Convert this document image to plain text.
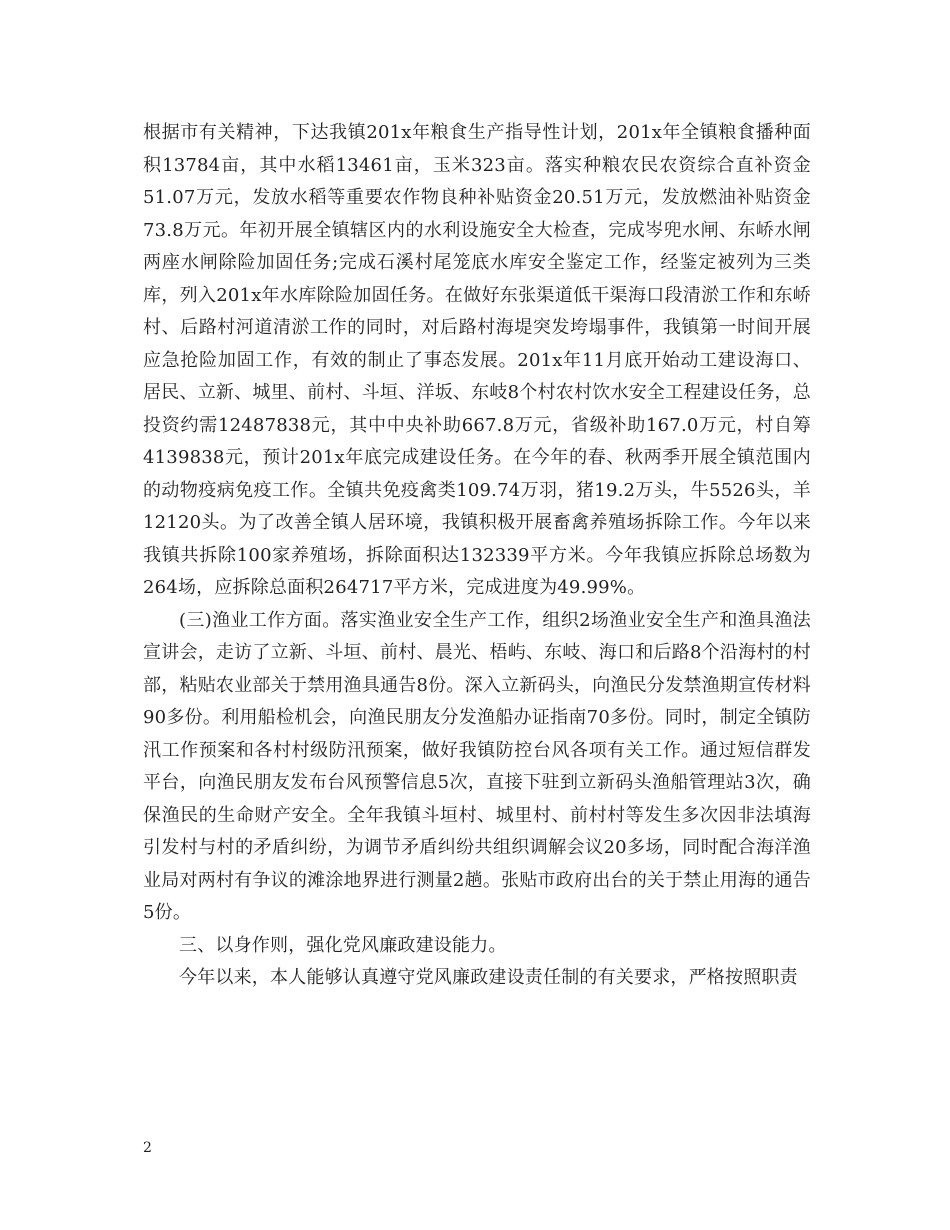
根据市有关精神，下达我镇201x年粮食生产指导性计划，201x年全镇粮食播种面积13784亩，其中水稻13461亩，玉米323亩。落实种粮农民农资综合直补资金51.07万元，发放水稻等重要农作物良种补贴资金20.51万元，发放燃油补贴资金73.8万元。年初开展全镇辖区内的水利设施安全大检查，完成岑兜水闸、东峤水闸两座水闸除险加固任务;完成石溪村尾笼底水库安全鉴定工作，经鉴定被列为三类库，列入201x年水库除险加固任务。在做好东张渠道低干渠海口段清淤工作和东峤村、后路村河道清淤工作的同时，对后路村海堤突发垮塌事件，我镇第一时间开展应急抢险加固工作，有效的制止了事态发展。201x年11月底开始动工建设海口、居民、立新、城里、前村、斗垣、洋坂、东岐8个村农村饮水安全工程建设任务，总投资约需12487838元，其中中央补助667.8万元，省级补助167.0万元，村自筹4139838元，预计201x年底完成建设任务。在今年的春、秋两季开展全镇范围内的动物疫病免疫工作。全镇共免疫禽类109.74万羽，猪19.2万头，牛5526头，羊12120头。为了改善全镇人居环境，我镇积极开展畜禽养殖场拆除工作。今年以来我镇共拆除100家养殖场，拆除面积达132339平方米。今年我镇应拆除总场数为264场，应拆除总面积264717平方米，完成进度为49.99%。

(三)渔业工作方面。落实渔业安全生产工作，组织2场渔业安全生产和渔具渔法宣讲会，走访了立新、斗垣、前村、晨光、梧屿、东岐、海口和后路8个沿海村的村部，粘贴农业部关于禁用渔具通告8份。深入立新码头，向渔民分发禁渔期宣传材料90多份。利用船检机会，向渔民朋友分发渔船办证指南70多份。同时，制定全镇防汛工作预案和各村村级防汛预案，做好我镇防控台风各项有关工作。通过短信群发平台，向渔民朋友发布台风预警信息5次，直接下驻到立新码头渔船管理站3次，确保渔民的生命财产安全。全年我镇斗垣村、城里村、前村村等发生多次因非法填海引发村与村的矛盾纠纷，为调节矛盾纠纷共组织调解会议20多场，同时配合海洋渔业局对两村有争议的滩涂地界进行测量2趟。张贴市政府出台的关于禁止用海的通告5份。

三、以身作则，强化党风廉政建设能力。

今年以来，本人能够认真遵守党风廉政建设责任制的有关要求，严格按照职责

2
